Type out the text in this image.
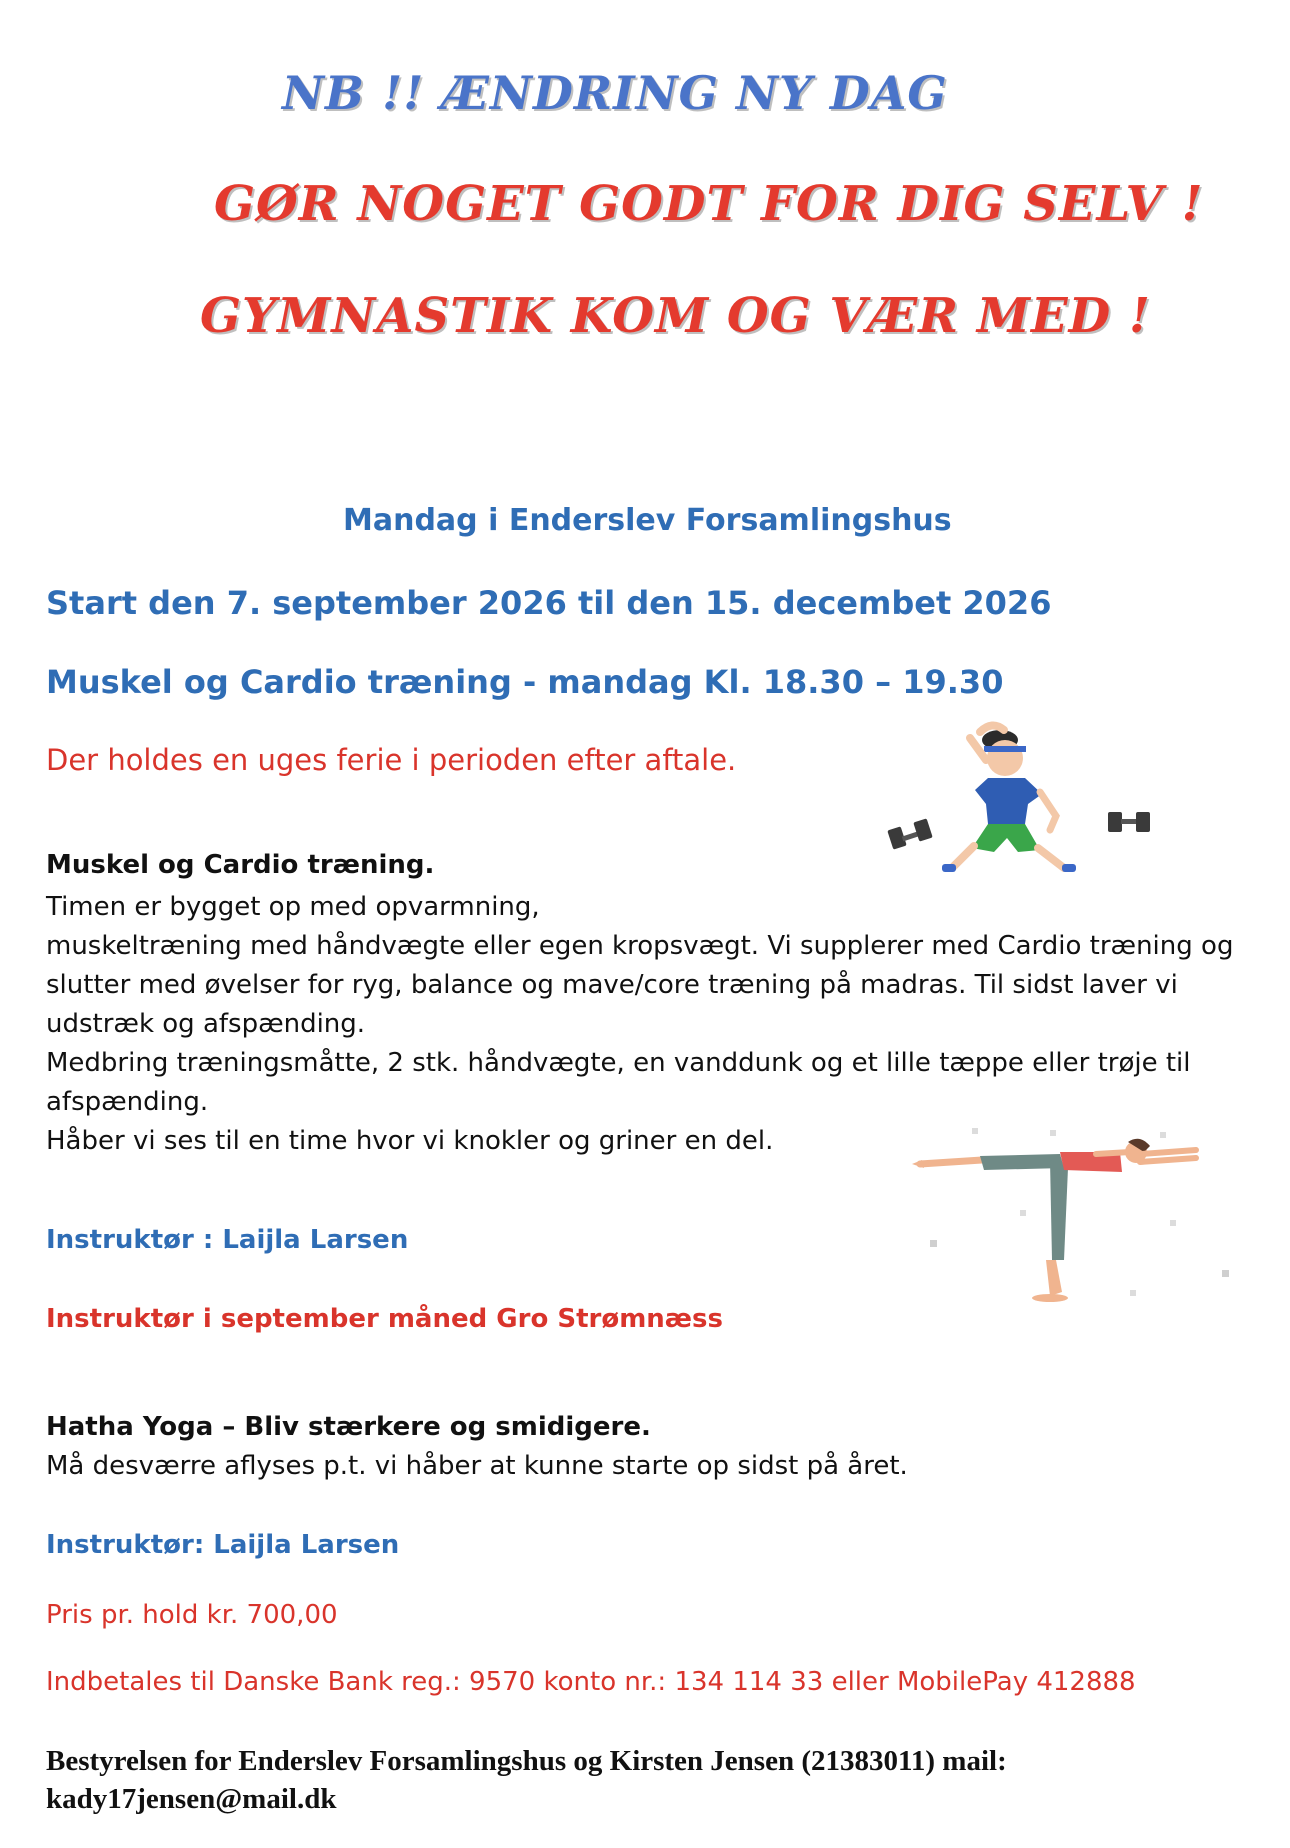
NB !! ÆNDRING NY DAG
GØR NOGET GODT FOR DIG SELV !
GYMNASTIK KOM OG VÆR MED !
Mandag i Enderslev Forsamlingshus
Start den 7. september 2026 til den 15. decembet 2026
Muskel og Cardio træning - mandag Kl. 18.30 – 19.30
Der holdes en uges ferie i perioden efter aftale.
Muskel og Cardio træning.
Timen er bygget op med opvarmning,
muskeltræning med håndvægte eller egen kropsvægt. Vi supplerer med Cardio træning og
slutter med øvelser for ryg, balance og mave/core træning på madras. Til sidst laver vi
udstræk og afspænding.
Medbring træningsmåtte, 2 stk. håndvægte, en vanddunk og et lille tæppe eller trøje til
afspænding.
Håber vi ses til en time hvor vi knokler og griner en del.
Instruktør : Laijla Larsen
Instruktør i september måned Gro Strømnæss
Hatha Yoga – Bliv stærkere og smidigere.
Må desværre aflyses p.t. vi håber at kunne starte op sidst på året.
Instruktør: Laijla Larsen
Pris pr. hold kr. 700,00
Indbetales til Danske Bank reg.: 9570 konto nr.: 134 114 33 eller MobilePay 412888
Bestyrelsen for Enderslev Forsamlingshus og Kirsten Jensen (21383011) mail:
kady17jensen@mail.dk
